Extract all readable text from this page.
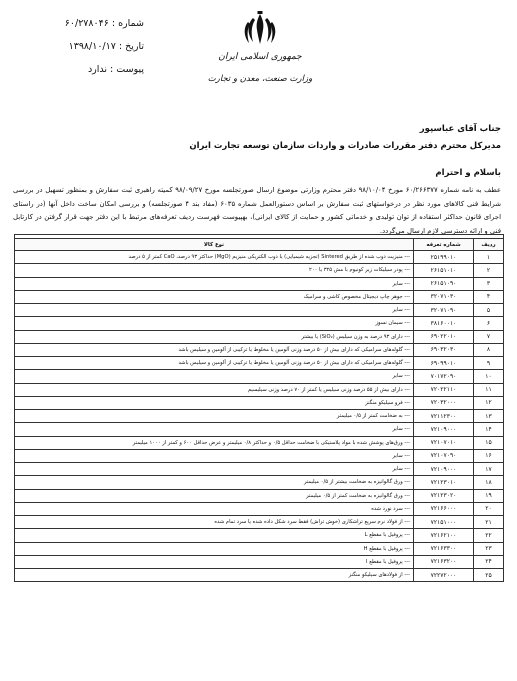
شماره : ۶۰/۲۷۸۰۴۶
تاریخ : ۱۳۹۸/۱۰/۱۷
پیوست : ندارد
جمهوری اسلامی ایران
وزارت صنعت، معدن و تجارت
جناب آقای عباسپور
مدیرکل محترم دفتر مقررات صادرات و واردات سازمان توسعه تجارت ایران
باسلام و احترام
عطف به نامه شماره ۶۰/۲۶۶۳۷۷ مورخ ۹۸/۱۰/۰۴ دفتر محترم وزارتی موضوع ارسال صورتجلسه مورخ ۹۸/۰۹/۲۷ کمیته راهبری ثبت سفارش و بمنظور تسهیل در بررسی شرایط فنی کالاهای مورد نظر در درخواستهای ثبت سفارش بر اساس دستورالعمل شماره ۶۰۳۵ (مفاد بند ۴ صورتجلسه) و بررسی امکان ساخت داخل آنها (در راستای اجرای قانون حداکثر استفاده از توان تولیدی و خدماتی کشور و حمایت از کالای ایرانی)، بهپیوست فهرست ردیف تعرفه‌های مرتبط با این دفتر جهت قرار گرفتن در کارتابل فنی و ارائه دسترسی لازم ارسال می‌گردد.

ردیف	شماره تعرفه	نوع کالا
۱	۲۵۱۹۹۰۱۰	--- منیزیت ذوب شده از طریق Sintered (تجزیه شیمیایی) یا ذوب الکتریکی منیزیم (MgO) حداکثر ۹۳ درصد، CaO کمتر از ۵ درصد
۲	۲۶۱۵۱۰۱۰	--- پودر سیلیکات زیر کونیوم با مش ۳۲۵ یا ۲۰۰
۳	۲۶۱۵۱۰۹۰	--- سایر
۴	۳۲۰۷۱۰۳۰	--- جوهر چاپ دیجیتال مخصوص کاشی و سرامیک
۵	۳۲۰۷۱۰۹۰	--- سایر
۶	۳۸۱۶۰۰۱۰	--- سیمان نسوز
۷	۶۹۰۲۲۰۱۰	--- دارای ۹۳ درصد به وزن سیلیس (SiO₂) یا بیشتر
۸	۶۹۰۳۲۰۳۰	--- گلوله‌های سرامیکی که دارای بیش از ۵۰ درصد وزنی آلومین یا مخلوط یا ترکیبی از آلومین و سیلیس باشد
۹	۶۹۰۹۹۰۱۰	--- گلوله‌های سرامیکی که دارای بیش از ۵۰ درصد وزنی آلومین یا مخلوط یا ترکیبی از آلومین و سیلیس باشد
۱۰	۷۰۱۷۲۰۹۰	--- سایر
۱۱	۷۲۰۲۲۱۱۰	--- دارای بیش از ۵۵ درصد وزنی سیلیس یا کمتر از ۷۰ درصد وزنی سیلیسیم
۱۲	۷۲۰۳۲۰۰۰	--- فرو سیلیکو منگنز
۱۳	۷۲۱۱۲۳۰۰	--- به ضخامت کمتر از ۰/۵ میلیمتر
۱۴	۷۲۱۰۹۰۰۰	--- سایر
۱۵	۷۲۱۰۷۰۱۰	--- ورق‌های پوشش شده با مواد پلاستیکی با ضخامت حداقل ۰/۵ و حداکثر ۰/۸ میلیمتر و عرض حداقل ۶۰۰ و کمتر از ۱۰۰۰ میلیمتر
۱۶	۷۲۱۰۷۰۹۰	--- سایر
۱۷	۷۲۱۰۹۰۰۰	--- سایر
۱۸	۷۲۱۲۳۰۱۰	--- ورق گالوانیزه به ضخامت بیشتر از ۰/۵ میلیمتر
۱۹	۷۲۱۲۳۰۲۰	--- ورق گالوانیزه به ضخامت کمتر از ۰/۵ میلیمتر
۲۰	۷۲۱۶۶۰۰۰	--- سرد نورد شده
۲۱	۷۲۱۵۱۰۰۰	--- از فولاد نرم سریع تراشکاری (خوش تراش) فقط سرد شکل داده شده یا سرد تمام شده
۲۲	۷۲۱۶۲۱۰۰	--- پروفیل با مقطع L
۲۳	۷۲۱۶۳۳۰۰	--- پروفیل با مقطع H
۲۴	۷۲۱۶۳۲۰۰	--- پروفیل با مقطع I
۲۵	۷۲۲۷۲۰۰۰	--- از فولادهای سیلیکو منگنز
